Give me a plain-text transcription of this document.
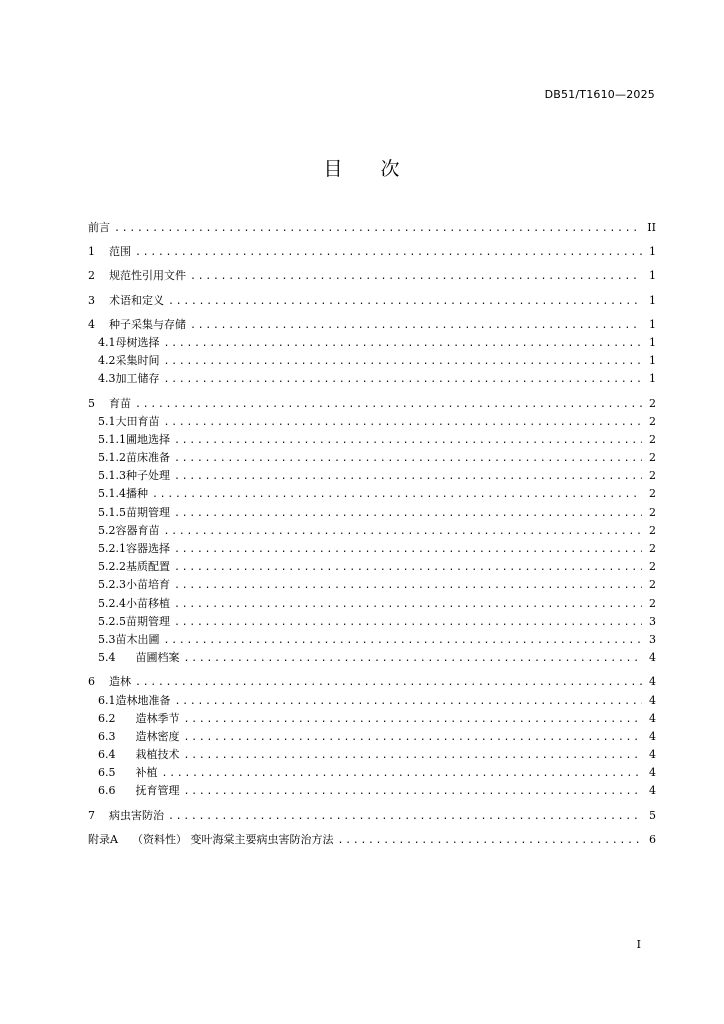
DB51/T1610—2025
目 次
前言 .....	II
1 范围 .....	1
2 规范性引用文件 .....	1
3 术语和定义 .....	1
4 种子采集与存储 .....	1
4.1 母树选择 .....	1
4.2 采集时间 .....	1
4.3 加工储存 .....	1
5 育苗 .....	2
5.1 大田育苗 .....	2
5.1.1 圃地选择 .....	2
5.1.2 苗床准备 .....	2
5.1.3 种子处理 .....	2
5.1.4 播种 .....	2
5.1.5 苗期管理 .....	2
5.2 容器育苗 .....	2
5.2.1 容器选择 .....	2
5.2.2 基质配置 .....	2
5.2.3 小苗培育 .....	2
5.2.4 小苗移植 .....	2
5.2.5 苗期管理 .....	3
5.3 苗木出圃 .....	3
5.4 苗圃档案 .....	4
6 造林 .....	4
6.1 造林地准备 .....	4
6.2 造林季节 .....	4
6.3 造林密度 .....	4
6.4 栽植技术 .....	4
6.5 补植 .....	4
6.6 抚育管理 .....	4
7 病虫害防治 .....	5
附录A （资料性） 变叶海棠主要病虫害防治方法 .....	6
I
